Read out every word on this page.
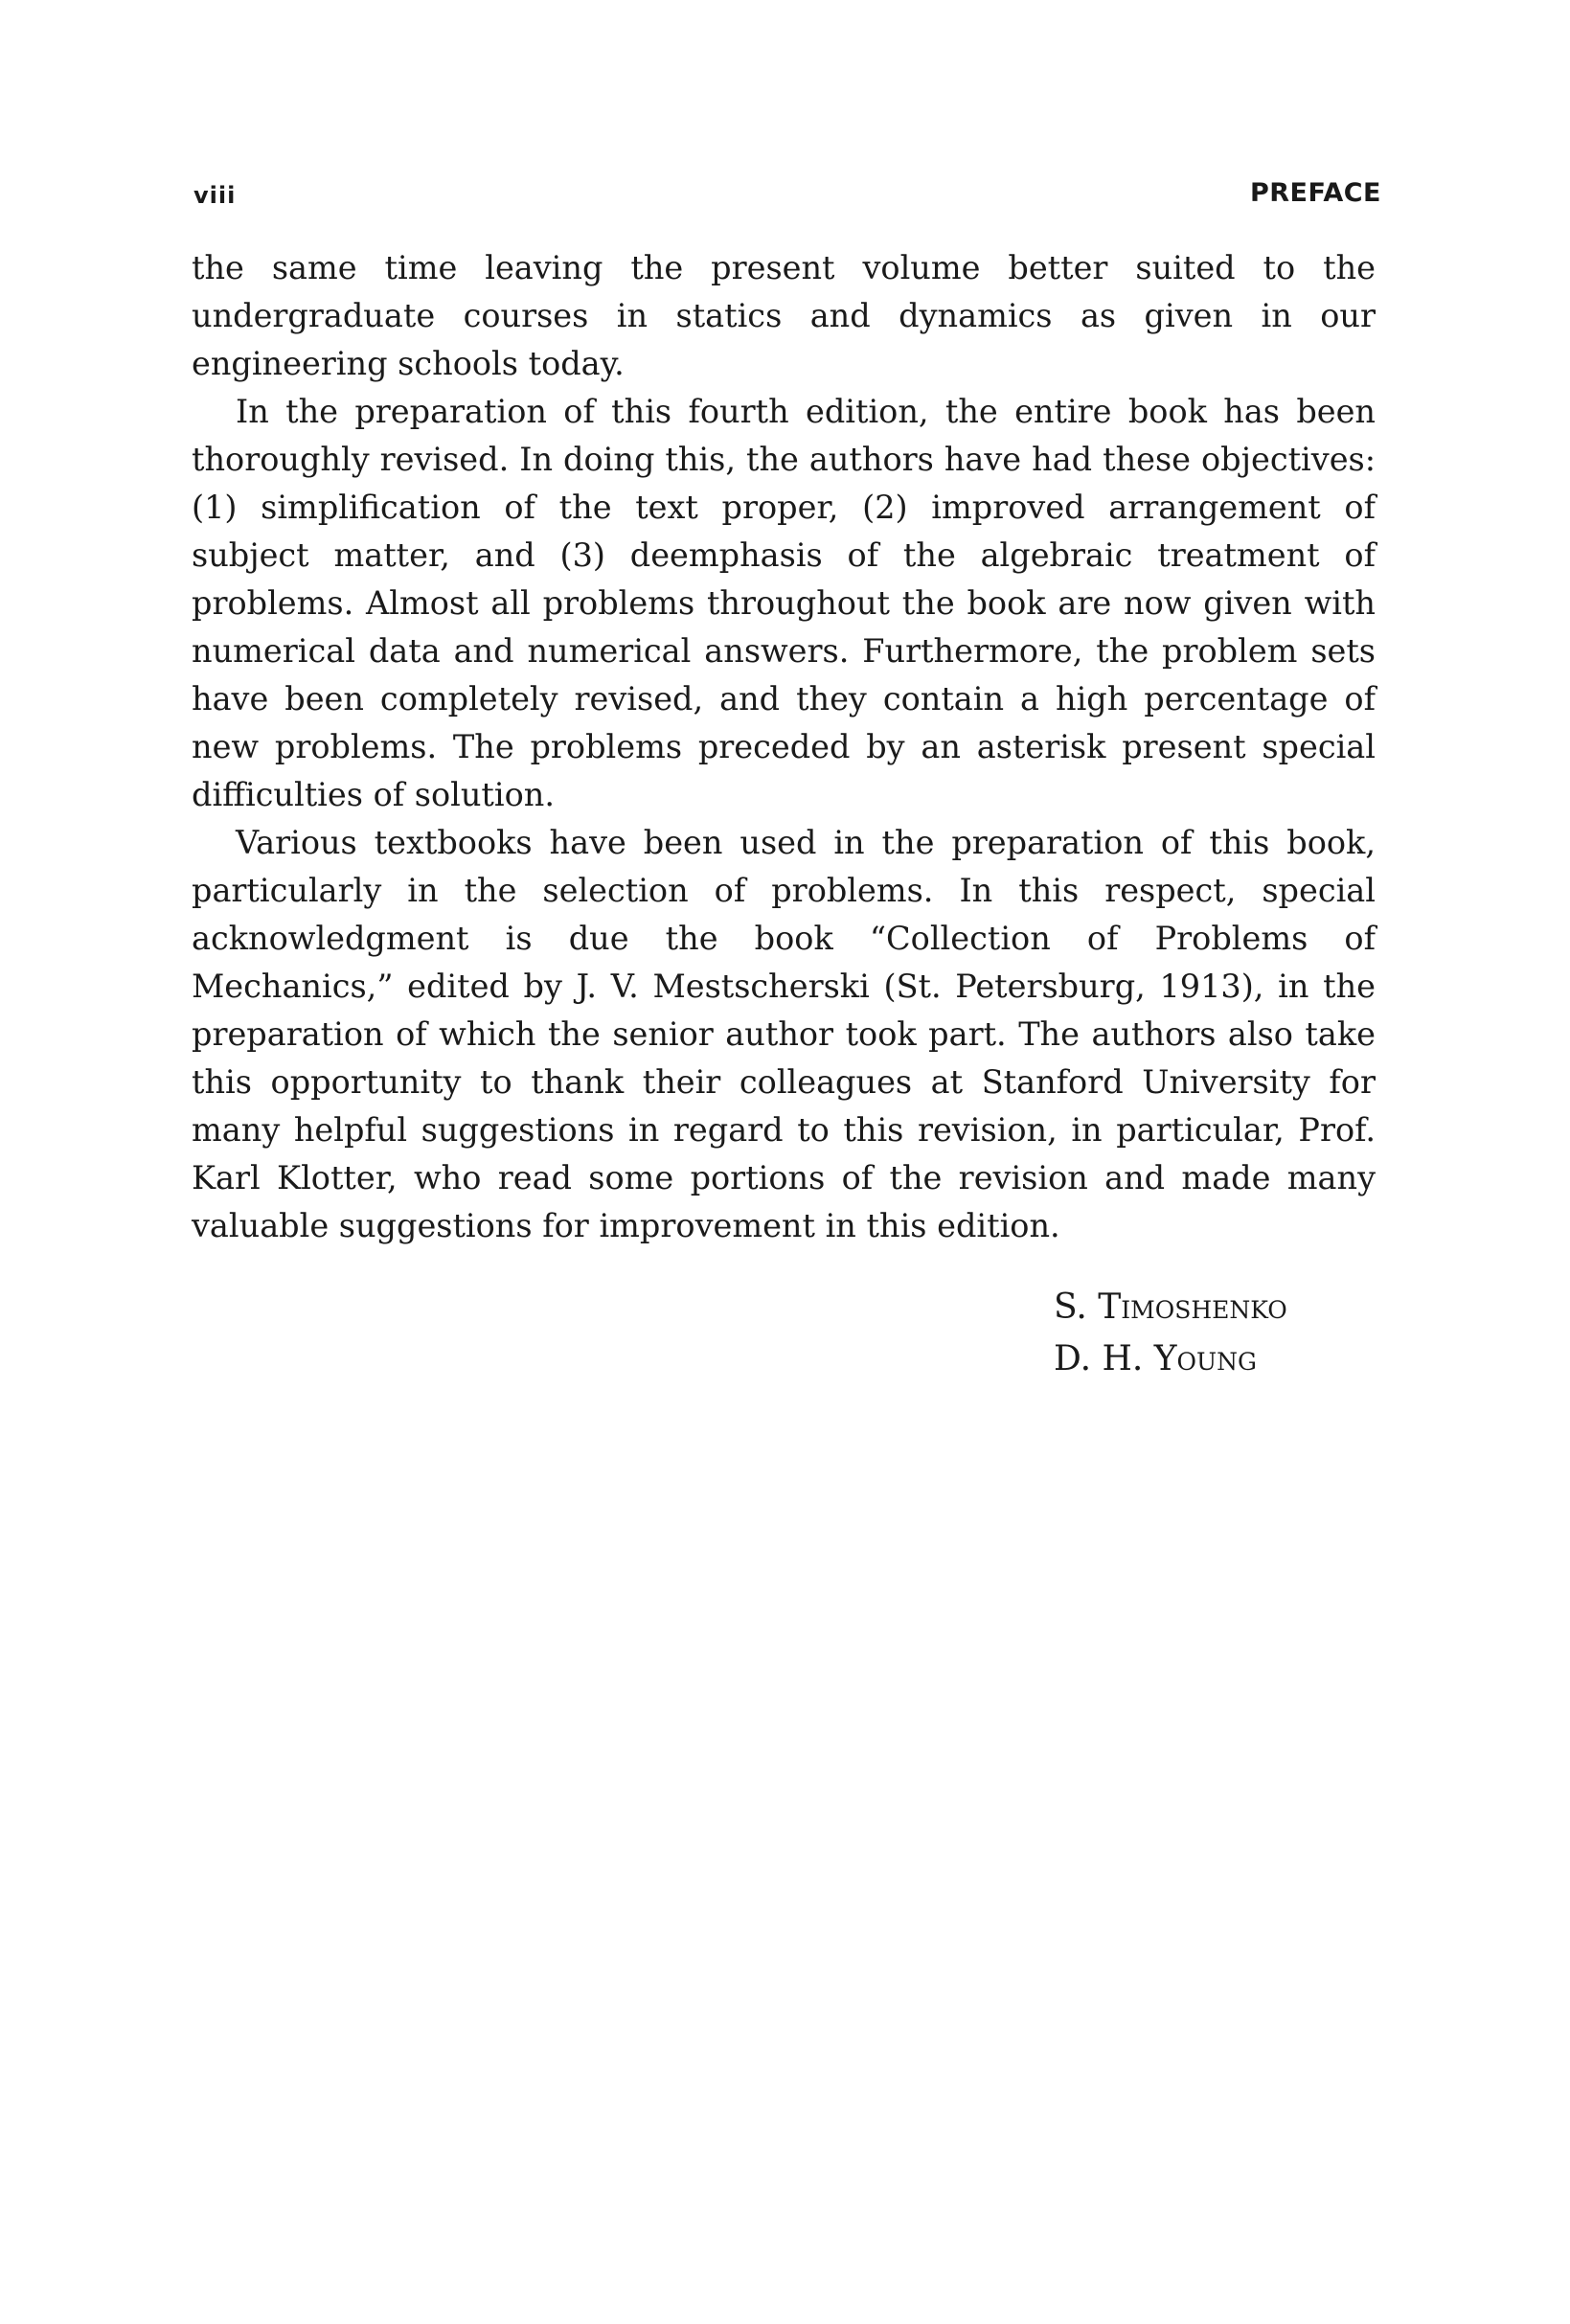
viii	PREFACE

the same time leaving the present volume better suited to the undergraduate courses in statics and dynamics as given in our engineering schools today.

In the preparation of this fourth edition, the entire book has been thoroughly revised. In doing this, the authors have had these objectives: (1) simplification of the text proper, (2) improved arrangement of subject matter, and (3) deemphasis of the algebraic treatment of problems. Almost all problems throughout the book are now given with numerical data and numerical answers. Furthermore, the problem sets have been completely revised, and they contain a high percentage of new problems. The problems preceded by an asterisk present special difficulties of solution.

Various textbooks have been used in the preparation of this book, particularly in the selection of problems. In this respect, special acknowledgment is due the book “Collection of Problems of Mechanics,” edited by J. V. Mestscherski (St. Petersburg, 1913), in the preparation of which the senior author took part. The authors also take this opportunity to thank their colleagues at Stanford University for many helpful suggestions in regard to this revision, in particular, Prof. Karl Klotter, who read some portions of the revision and made many valuable suggestions for improvement in this edition.

S. Timoshenko
D. H. Young
